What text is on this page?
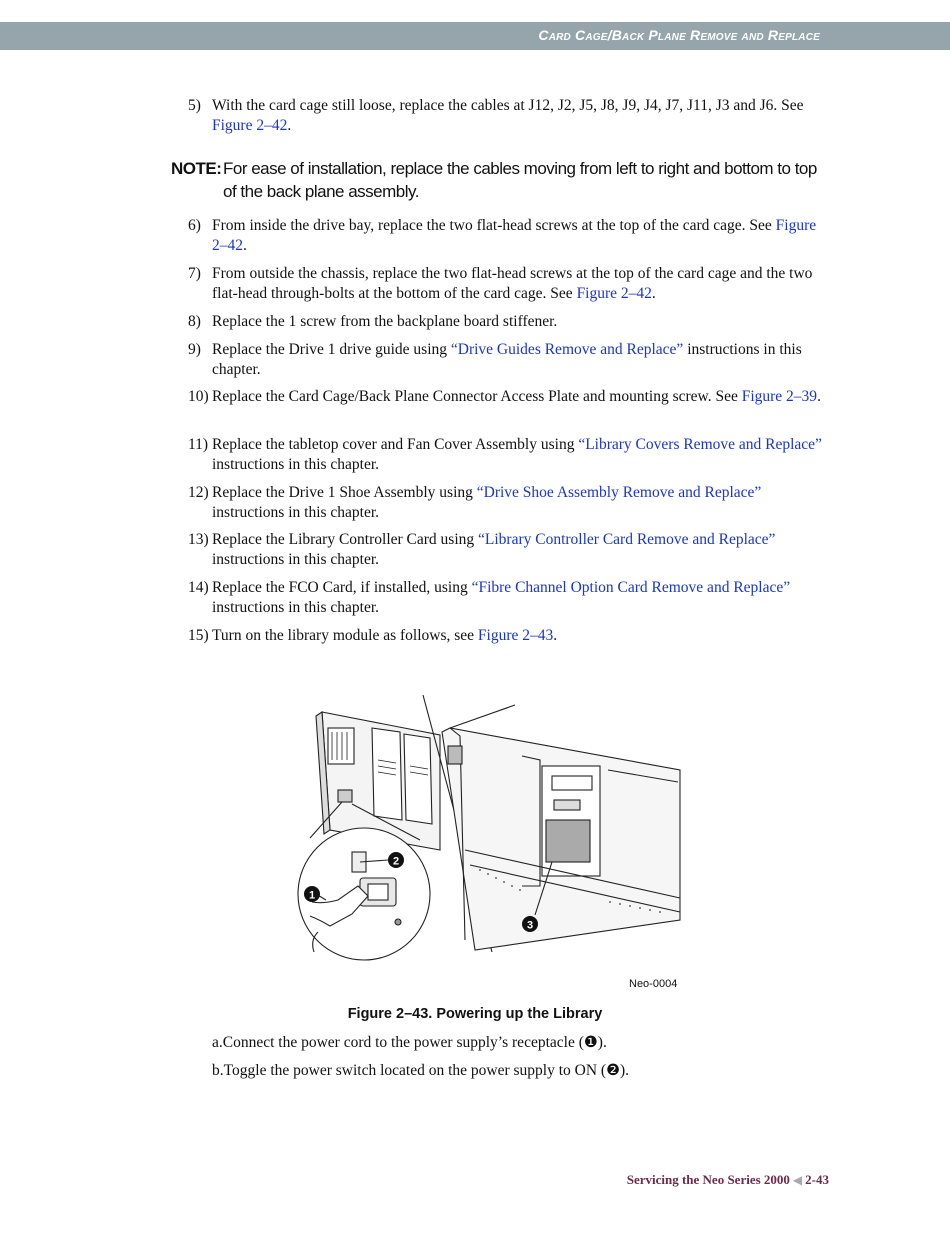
Card Cage/Back Plane Remove and Replace
5) With the card cage still loose, replace the cables at J12, J2, J5, J8, J9, J4, J7, J11, J3 and J6. See Figure 2–42.
NOTE: For ease of installation, replace the cables moving from left to right and bottom to top of the back plane assembly.
6) From inside the drive bay, replace the two flat-head screws at the top of the card cage. See Figure 2–42.
7) From outside the chassis, replace the two flat-head screws at the top of the card cage and the two flat-head through-bolts at the bottom of the card cage. See Figure 2–42.
8) Replace the 1 screw from the backplane board stiffener.
9) Replace the Drive 1 drive guide using “Drive Guides Remove and Replace” instructions in this chapter.
10) Replace the Card Cage/Back Plane Connector Access Plate and mounting screw. See Figure 2–39.
11) Replace the tabletop cover and Fan Cover Assembly using “Library Covers Remove and Replace” instructions in this chapter.
12) Replace the Drive 1 Shoe Assembly using “Drive Shoe Assembly Remove and Replace” instructions in this chapter.
13) Replace the Library Controller Card using “Library Controller Card Remove and Replace” instructions in this chapter.
14) Replace the FCO Card, if installed, using “Fibre Channel Option Card Remove and Replace” instructions in this chapter.
15) Turn on the library module as follows, see Figure 2–43.
1
2
3
Neo Series
Neo-0004
Figure 2–43. Powering up the Library
a.Connect the power cord to the power supply’s receptacle (❶).
b.Toggle the power switch located on the power supply to ON (❷).
Servicing the Neo Series 2000 ◀ 2-43
